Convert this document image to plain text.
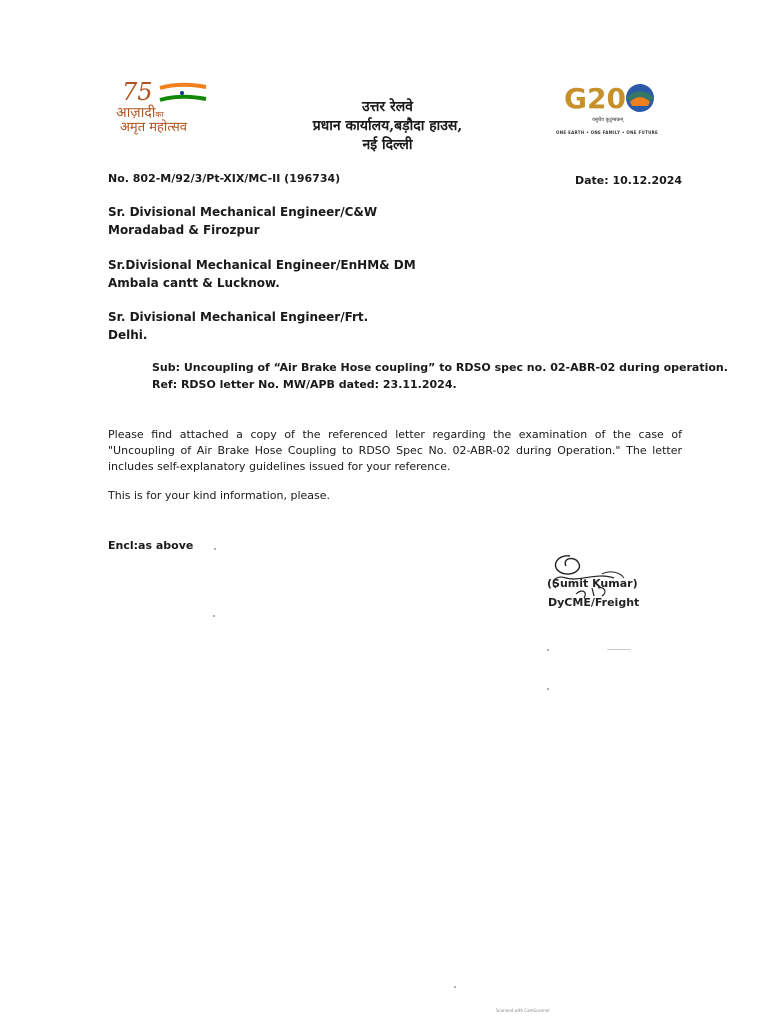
75
आज़ादीका
अमृत महोत्सव
उत्तर रेलवे
प्रधान कार्यालय,बड़ौदा हाउस,
नई दिल्ली
G20
वसुधैव कुटुम्बकम्
ONE EARTH • ONE FAMILY • ONE FUTURE
No. 802-M/92/3/Pt-XIX/MC-II (196734)	Date: 10.12.2024
Sr. Divisional Mechanical Engineer/C&W
Moradabad & Firozpur
Sr.Divisional Mechanical Engineer/EnHM& DM
Ambala cantt & Lucknow.
Sr. Divisional Mechanical Engineer/Frt.
Delhi.
Sub: Uncoupling of “Air Brake Hose coupling” to RDSO spec no. 02-ABR-02 during operation.
Ref: RDSO letter No. MW/APB dated: 23.11.2024.
Please find attached a copy of the referenced letter regarding the examination of the case of "Uncoupling of Air Brake Hose Coupling to RDSO Spec No. 02-ABR-02 during Operation." The letter includes self-explanatory guidelines issued for your reference.
This is for your kind information, please.
Encl:as above
(Sumit Kumar)
DyCME/Freight
Scanned with CamScanner
